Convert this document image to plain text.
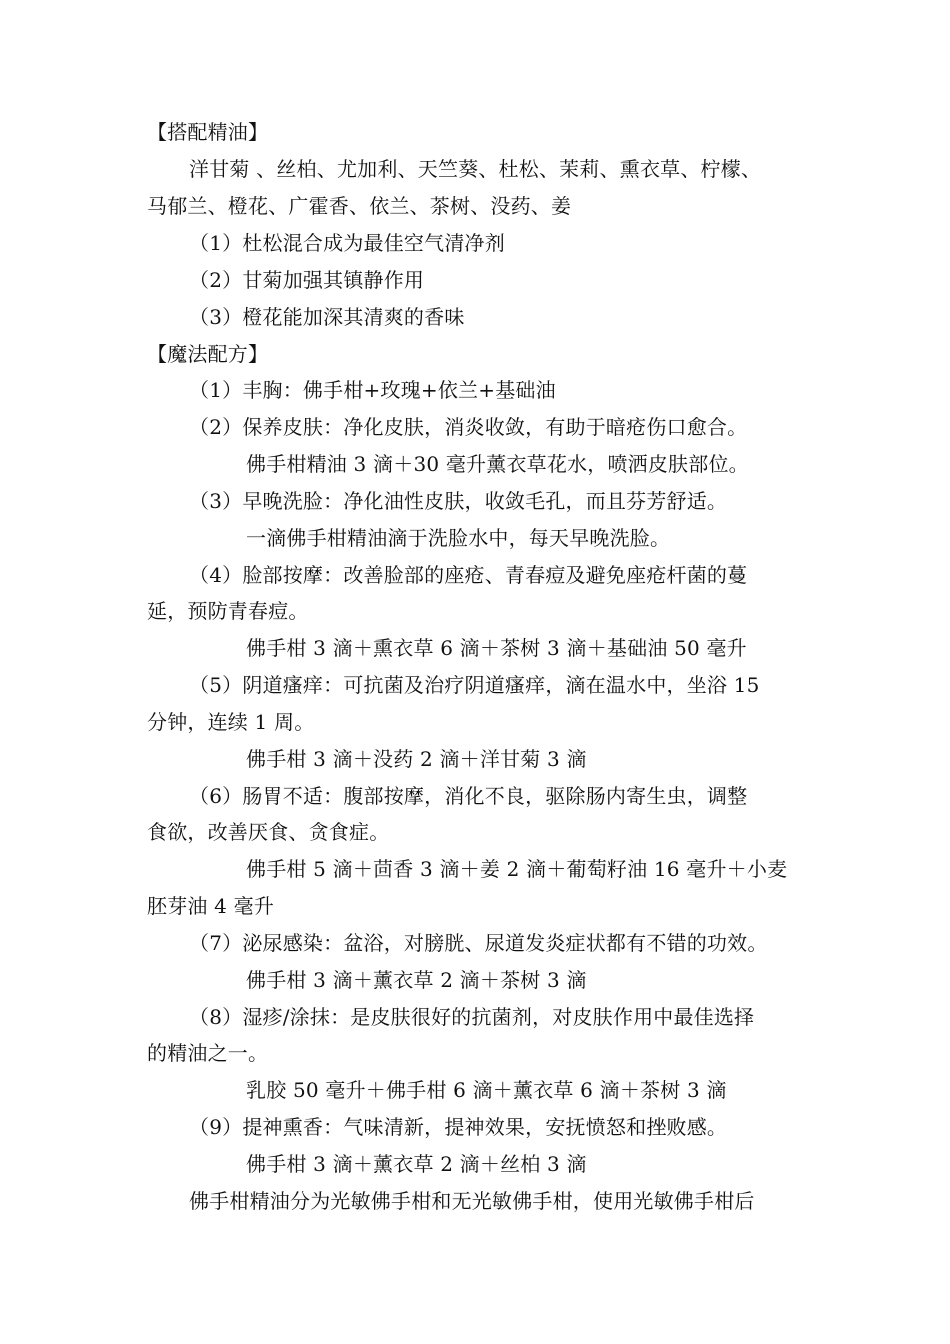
【搭配精油】
洋甘菊 、丝柏、尤加利、天竺葵、杜松、茉莉、熏衣草、柠檬、
马郁兰、橙花、广霍香、依兰、茶树、没药、姜
（1）杜松混合成为最佳空气清净剂
（2）甘菊加强其镇静作用
（3）橙花能加深其清爽的香味
【魔法配方】
（1）丰胸：佛手柑+玫瑰+依兰+基础油
（2）保养皮肤：净化皮肤，消炎收敛，有助于暗疮伤口愈合。
佛手柑精油 3 滴＋30 毫升薰衣草花水，喷洒皮肤部位。
（3）早晚洗脸：净化油性皮肤，收敛毛孔，而且芬芳舒适。
一滴佛手柑精油滴于洗脸水中，每天早晚洗脸。
（4）脸部按摩：改善脸部的座疮、青春痘及避免座疮杆菌的蔓
延，预防青春痘。
佛手柑 3 滴＋熏衣草 6 滴＋茶树 3 滴＋基础油 50 毫升
（5）阴道瘙痒：可抗菌及治疗阴道瘙痒，滴在温水中，坐浴 15
分钟，连续 1 周。
佛手柑 3 滴＋没药 2 滴＋洋甘菊 3 滴
（6）肠胃不适：腹部按摩，消化不良，驱除肠内寄生虫，调整
食欲，改善厌食、贪食症。
佛手柑 5 滴＋茴香 3 滴＋姜 2 滴＋葡萄籽油 16 毫升＋小麦
胚芽油 4 毫升
（7）泌尿感染：盆浴，对膀胱、尿道发炎症状都有不错的功效。
佛手柑 3 滴＋薰衣草 2 滴＋茶树 3 滴
（8）湿疹/涂抹：是皮肤很好的抗菌剂，对皮肤作用中最佳选择
的精油之一。
乳胶 50 毫升＋佛手柑 6 滴＋薰衣草 6 滴＋茶树 3 滴
（9）提神熏香：气味清新，提神效果，安抚愤怒和挫败感。
佛手柑 3 滴＋薰衣草 2 滴＋丝柏 3 滴
佛手柑精油分为光敏佛手柑和无光敏佛手柑，使用光敏佛手柑后
